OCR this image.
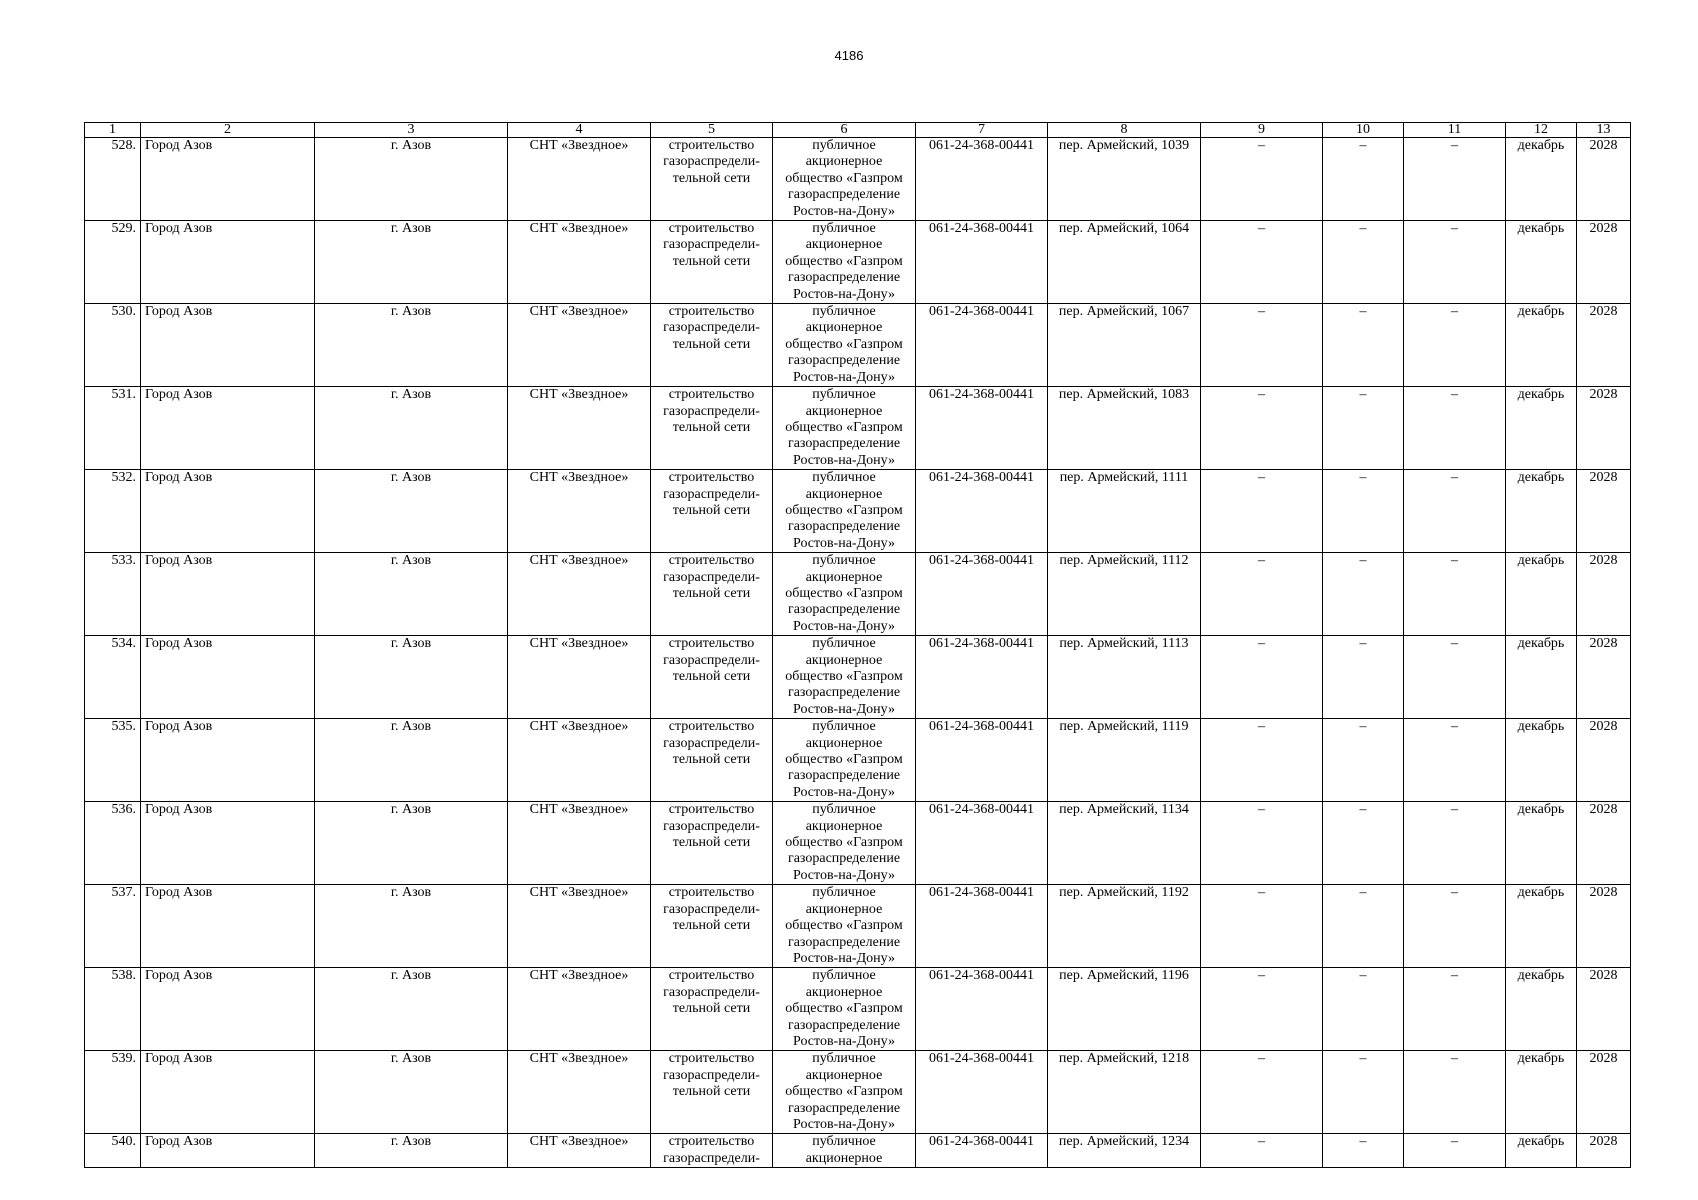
4186
1	2	3	4	5	6	7	8	9	10	11	12	13
528.	Город Азов	г. Азов	СНТ «Звездное»	строительство газораспредели-тельной сети	публичное акционерное общество «Газпром газораспределение Ростов-на-Дону»	061-24-368-00441	пер. Армейский, 1039	–	–	–	декабрь	2028
529.	Город Азов	г. Азов	СНТ «Звездное»	строительство газораспредели-тельной сети	публичное акционерное общество «Газпром газораспределение Ростов-на-Дону»	061-24-368-00441	пер. Армейский, 1064	–	–	–	декабрь	2028
530.	Город Азов	г. Азов	СНТ «Звездное»	строительство газораспредели-тельной сети	публичное акционерное общество «Газпром газораспределение Ростов-на-Дону»	061-24-368-00441	пер. Армейский, 1067	–	–	–	декабрь	2028
531.	Город Азов	г. Азов	СНТ «Звездное»	строительство газораспредели-тельной сети	публичное акционерное общество «Газпром газораспределение Ростов-на-Дону»	061-24-368-00441	пер. Армейский, 1083	–	–	–	декабрь	2028
532.	Город Азов	г. Азов	СНТ «Звездное»	строительство газораспредели-тельной сети	публичное акционерное общество «Газпром газораспределение Ростов-на-Дону»	061-24-368-00441	пер. Армейский, 1111	–	–	–	декабрь	2028
533.	Город Азов	г. Азов	СНТ «Звездное»	строительство газораспредели-тельной сети	публичное акционерное общество «Газпром газораспределение Ростов-на-Дону»	061-24-368-00441	пер. Армейский, 1112	–	–	–	декабрь	2028
534.	Город Азов	г. Азов	СНТ «Звездное»	строительство газораспредели-тельной сети	публичное акционерное общество «Газпром газораспределение Ростов-на-Дону»	061-24-368-00441	пер. Армейский, 1113	–	–	–	декабрь	2028
535.	Город Азов	г. Азов	СНТ «Звездное»	строительство газораспредели-тельной сети	публичное акционерное общество «Газпром газораспределение Ростов-на-Дону»	061-24-368-00441	пер. Армейский, 1119	–	–	–	декабрь	2028
536.	Город Азов	г. Азов	СНТ «Звездное»	строительство газораспредели-тельной сети	публичное акционерное общество «Газпром газораспределение Ростов-на-Дону»	061-24-368-00441	пер. Армейский, 1134	–	–	–	декабрь	2028
537.	Город Азов	г. Азов	СНТ «Звездное»	строительство газораспредели-тельной сети	публичное акционерное общество «Газпром газораспределение Ростов-на-Дону»	061-24-368-00441	пер. Армейский, 1192	–	–	–	декабрь	2028
538.	Город Азов	г. Азов	СНТ «Звездное»	строительство газораспредели-тельной сети	публичное акционерное общество «Газпром газораспределение Ростов-на-Дону»	061-24-368-00441	пер. Армейский, 1196	–	–	–	декабрь	2028
539.	Город Азов	г. Азов	СНТ «Звездное»	строительство газораспредели-тельной сети	публичное акционерное общество «Газпром газораспределение Ростов-на-Дону»	061-24-368-00441	пер. Армейский, 1218	–	–	–	декабрь	2028
540.	Город Азов	г. Азов	СНТ «Звездное»	строительство газораспредели-	публичное акционерное	061-24-368-00441	пер. Армейский, 1234	–	–	–	декабрь	2028
